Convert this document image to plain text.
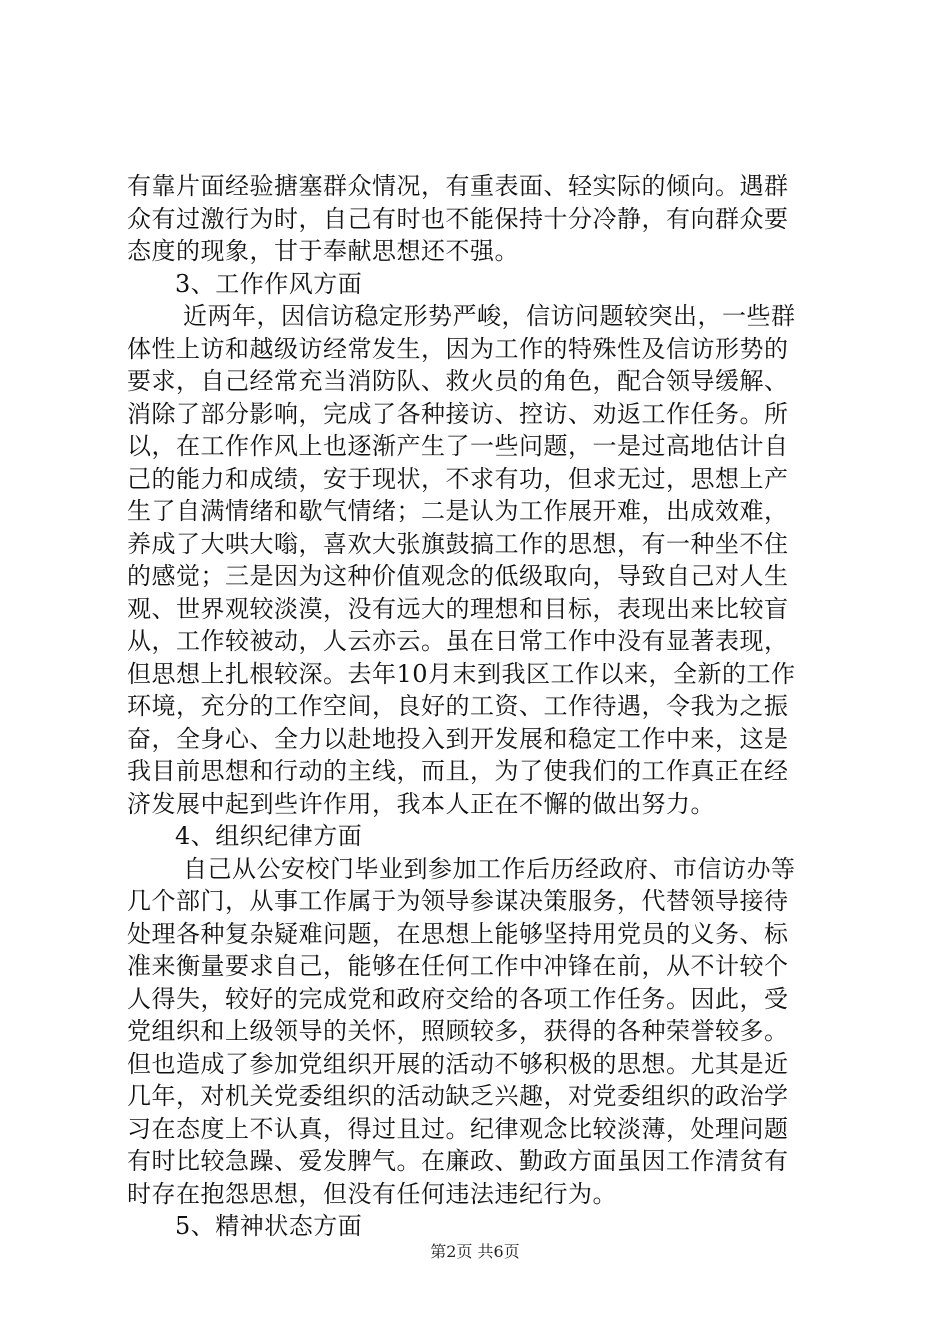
有靠片面经验搪塞群众情况，有重表面、轻实际的倾向。遇群
众有过激行为时，自己有时也不能保持十分冷静，有向群众要
态度的现象，甘于奉献思想还不强。
3、工作作风方面
近两年，因信访稳定形势严峻，信访问题较突出，一些群
体性上访和越级访经常发生，因为工作的特殊性及信访形势的
要求，自己经常充当消防队、救火员的角色，配合领导缓解、
消除了部分影响，完成了各种接访、控访、劝返工作任务。所
以，在工作作风上也逐渐产生了一些问题，一是过高地估计自
己的能力和成绩，安于现状，不求有功，但求无过，思想上产
生了自满情绪和歇气情绪；二是认为工作展开难，出成效难，
养成了大哄大嗡，喜欢大张旗鼓搞工作的思想，有一种坐不住
的感觉；三是因为这种价值观念的低级取向，导致自己对人生
观、世界观较淡漠，没有远大的理想和目标，表现出来比较盲
从，工作较被动，人云亦云。虽在日常工作中没有显著表现，
但思想上扎根较深。去年10月末到我区工作以来，全新的工作
环境，充分的工作空间，良好的工资、工作待遇，令我为之振
奋，全身心、全力以赴地投入到开发展和稳定工作中来，这是
我目前思想和行动的主线，而且，为了使我们的工作真正在经
济发展中起到些许作用，我本人正在不懈的做出努力。
4、组织纪律方面
自己从公安校门毕业到参加工作后历经政府、市信访办等
几个部门，从事工作属于为领导参谋决策服务，代替领导接待
处理各种复杂疑难问题，在思想上能够坚持用党员的义务、标
准来衡量要求自己，能够在任何工作中冲锋在前，从不计较个
人得失，较好的完成党和政府交给的各项工作任务。因此，受
党组织和上级领导的关怀，照顾较多，获得的各种荣誉较多。
但也造成了参加党组织开展的活动不够积极的思想。尤其是近
几年，对机关党委组织的活动缺乏兴趣，对党委组织的政治学
习在态度上不认真，得过且过。纪律观念比较淡薄，处理问题
有时比较急躁、爱发脾气。在廉政、勤政方面虽因工作清贫有
时存在抱怨思想，但没有任何违法违纪行为。
5、精神状态方面
第2页 共6页
